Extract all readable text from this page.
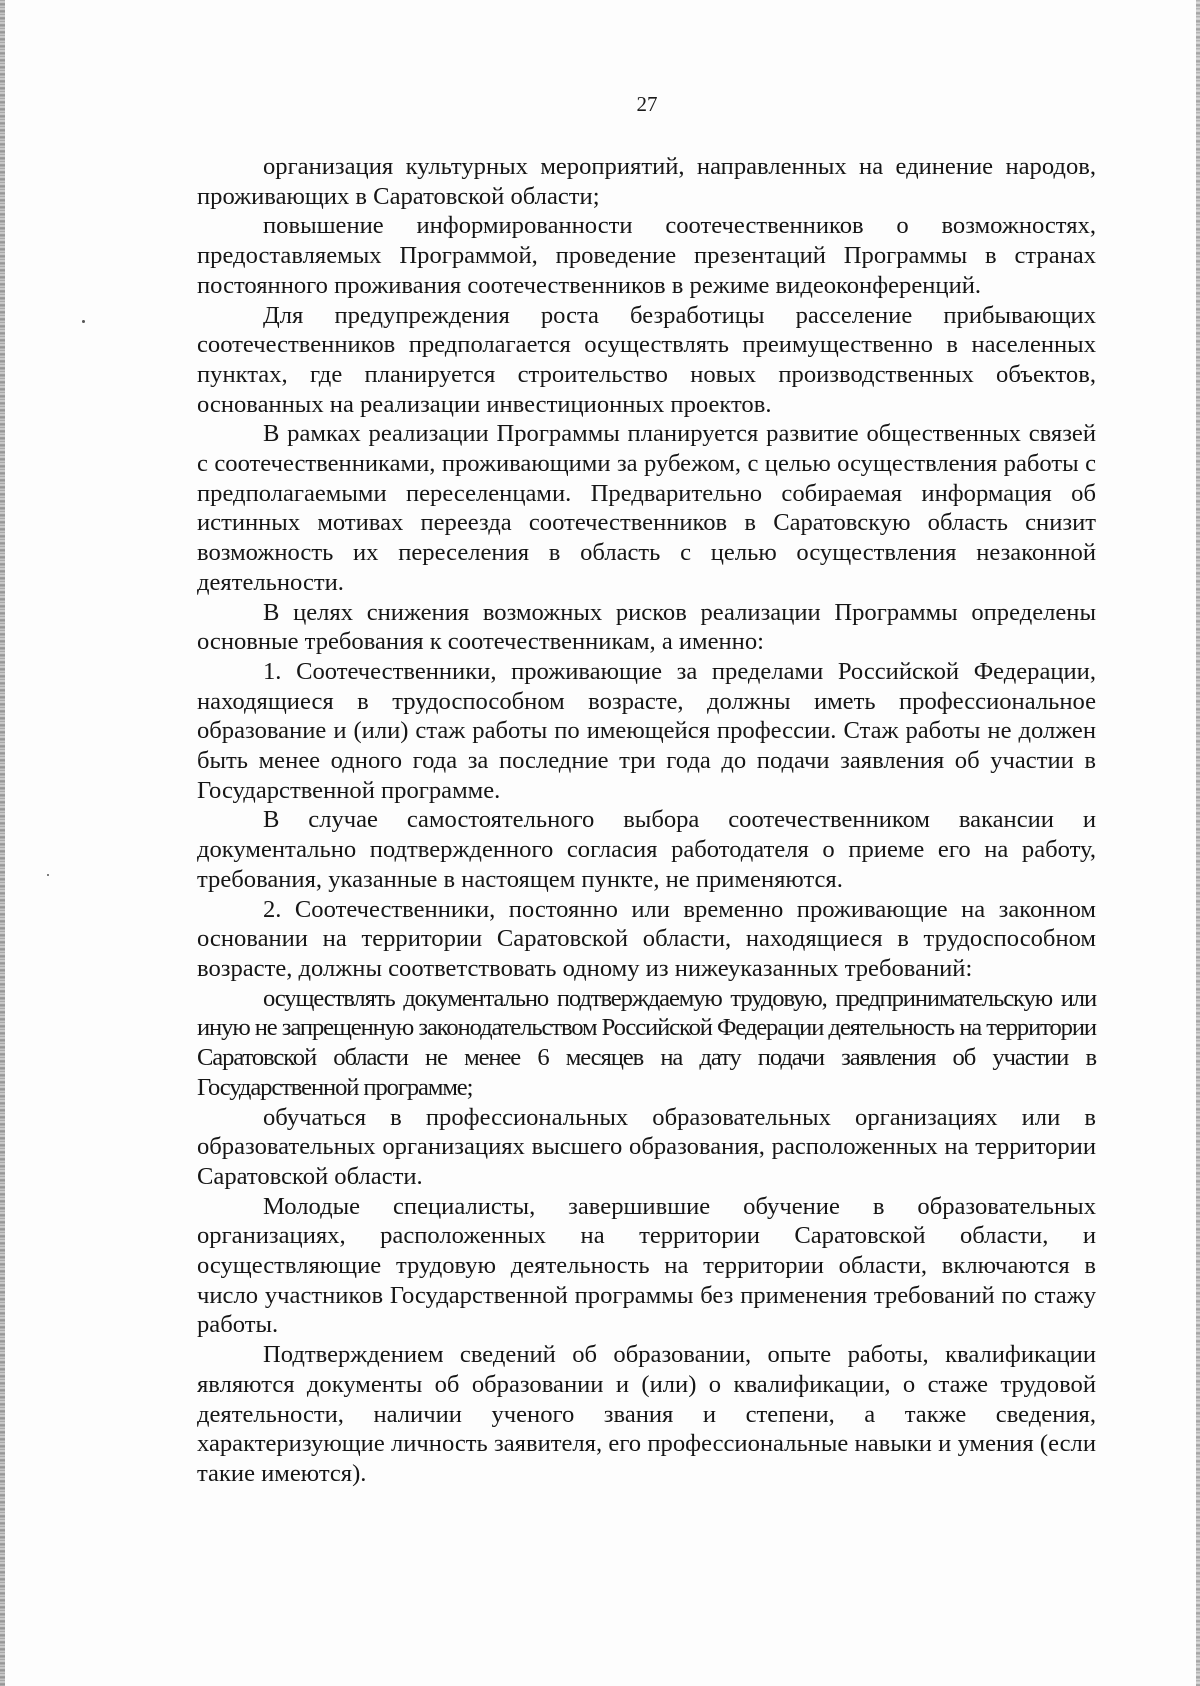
27

организация культурных мероприятий, направленных на единение народов, проживающих в Саратовской области;

повышение информированности соотечественников о возможностях, предоставляемых Программой, проведение презентаций Программы в странах постоянного проживания соотечественников в режиме видеоконференций.

Для предупреждения роста безработицы расселение прибывающих соотечественников предполагается осуществлять преимущественно в населенных пунктах, где планируется строительство новых производственных объектов, основанных на реализации инвестиционных проектов.

В рамках реализации Программы планируется развитие общественных связей с соотечественниками, проживающими за рубежом, с целью осуществления работы с предполагаемыми переселенцами. Предварительно собираемая информация об истинных мотивах переезда соотечественников в Саратовскую область снизит возможность их переселения в область с целью осуществления незаконной деятельности.

В целях снижения возможных рисков реализации Программы определены основные требования к соотечественникам, а именно:

1. Соотечественники, проживающие за пределами Российской Федерации, находящиеся в трудоспособном возрасте, должны иметь профессиональное образование и (или) стаж работы по имеющейся профессии. Стаж работы не должен быть менее одного года за последние три года до подачи заявления об участии в Государственной программе.

В случае самостоятельного выбора соотечественником вакансии и документально подтвержденного согласия работодателя о приеме его на работу, требования, указанные в настоящем пункте, не применяются.

2. Соотечественники, постоянно или временно проживающие на законном основании на территории Саратовской области, находящиеся в трудоспособном возрасте, должны соответствовать одному из нижеуказанных требований:

осуществлять документально подтверждаемую трудовую, предпринимательскую или иную не запрещенную законодательством Российской Федерации деятельность на территории Саратовской области не менее 6 месяцев на дату подачи заявления об участии в Государственной программе;

обучаться в профессиональных образовательных организациях или в образовательных организациях высшего образования, расположенных на территории Саратовской области.

Молодые специалисты, завершившие обучение в образовательных организациях, расположенных на территории Саратовской области, и осуществляющие трудовую деятельность на территории области, включаются в число участников Государственной программы без применения требований по стажу работы.

Подтверждением сведений об образовании, опыте работы, квалификации являются документы об образовании и (или) о квалификации, о стаже трудовой деятельности, наличии ученого звания и степени, а также сведения, характеризующие личность заявителя, его профессиональные навыки и умения (если такие имеются).
